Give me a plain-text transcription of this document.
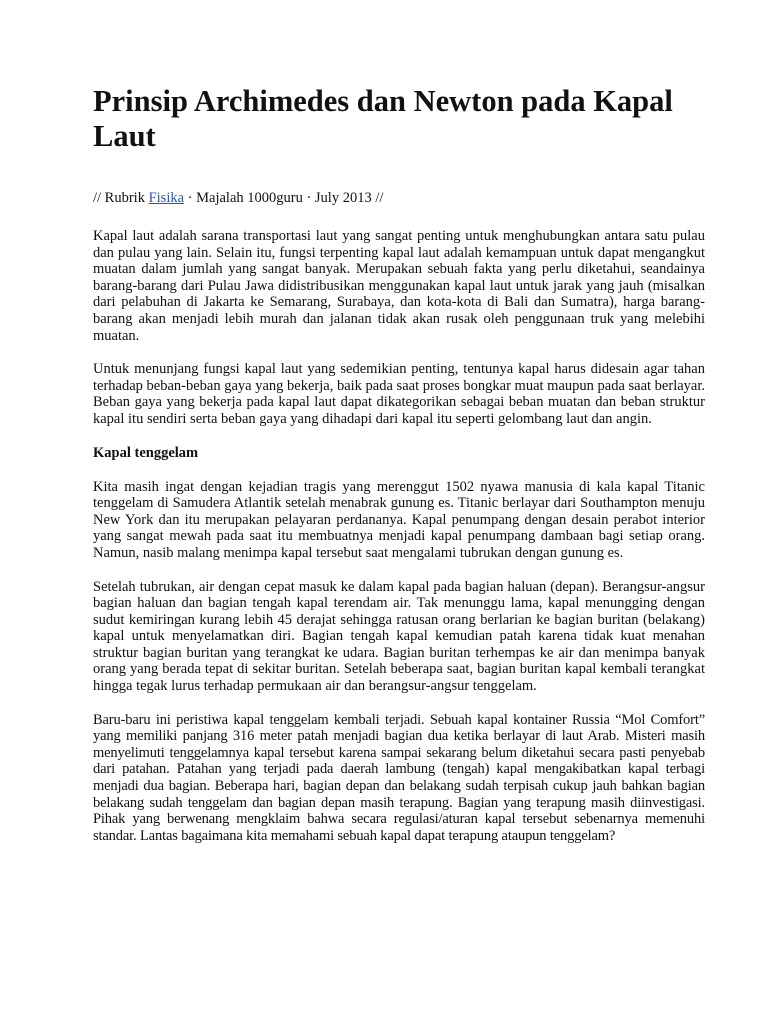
Prinsip Archimedes dan Newton pada Kapal Laut

// Rubrik Fisika · Majalah 1000guru · July 2013 //

Kapal laut adalah sarana transportasi laut yang sangat penting untuk menghubungkan antara satu pulau dan pulau yang lain. Selain itu, fungsi terpenting kapal laut adalah kemampuan untuk dapat mengangkut muatan dalam jumlah yang sangat banyak. Merupakan sebuah fakta yang perlu diketahui, seandainya barang-barang dari Pulau Jawa didistribusikan menggunakan kapal laut untuk jarak yang jauh (misalkan dari pelabuhan di Jakarta ke Semarang, Surabaya, dan kota-kota di Bali dan Sumatra), harga barang-barang akan menjadi lebih murah dan jalanan tidak akan rusak oleh penggunaan truk yang melebihi muatan.

Untuk menunjang fungsi kapal laut yang sedemikian penting, tentunya kapal harus didesain agar tahan terhadap beban-beban gaya yang bekerja, baik pada saat proses bongkar muat maupun pada saat berlayar. Beban gaya yang bekerja pada kapal laut dapat dikategorikan sebagai beban muatan dan beban struktur kapal itu sendiri serta beban gaya yang dihadapi dari kapal itu seperti gelombang laut dan angin.

Kapal tenggelam

Kita masih ingat dengan kejadian tragis yang merenggut 1502 nyawa manusia di kala kapal Titanic tenggelam di Samudera Atlantik setelah menabrak gunung es. Titanic berlayar dari Southampton menuju New York dan itu merupakan pelayaran perdananya. Kapal penumpang dengan desain perabot interior yang sangat mewah pada saat itu membuatnya menjadi kapal penumpang dambaan bagi setiap orang. Namun, nasib malang menimpa kapal tersebut saat mengalami tubrukan dengan gunung es.

Setelah tubrukan, air dengan cepat masuk ke dalam kapal pada bagian haluan (depan). Berangsur-angsur bagian haluan dan bagian tengah kapal terendam air. Tak menunggu lama, kapal menungging dengan sudut kemiringan kurang lebih 45 derajat sehingga ratusan orang berlarian ke bagian buritan (belakang) kapal untuk menyelamatkan diri. Bagian tengah kapal kemudian patah karena tidak kuat menahan struktur bagian buritan yang terangkat ke udara. Bagian buritan terhempas ke air dan menimpa banyak orang yang berada tepat di sekitar buritan. Setelah beberapa saat, bagian buritan kapal kembali terangkat hingga tegak lurus terhadap permukaan air dan berangsur-angsur tenggelam.

Baru-baru ini peristiwa kapal tenggelam kembali terjadi. Sebuah kapal kontainer Russia “Mol Comfort” yang memiliki panjang 316 meter patah menjadi bagian dua ketika berlayar di laut Arab. Misteri masih menyelimuti tenggelamnya kapal tersebut karena sampai sekarang belum diketahui secara pasti penyebab dari patahan. Patahan yang terjadi pada daerah lambung (tengah) kapal mengakibatkan kapal terbagi menjadi dua bagian. Beberapa hari, bagian depan dan belakang sudah terpisah cukup jauh bahkan bagian belakang sudah tenggelam dan bagian depan masih terapung. Bagian yang terapung masih diinvestigasi. Pihak yang berwenang mengklaim bahwa secara regulasi/aturan kapal tersebut sebenarnya memenuhi standar. Lantas bagaimana kita memahami sebuah kapal dapat terapung ataupun tenggelam?
